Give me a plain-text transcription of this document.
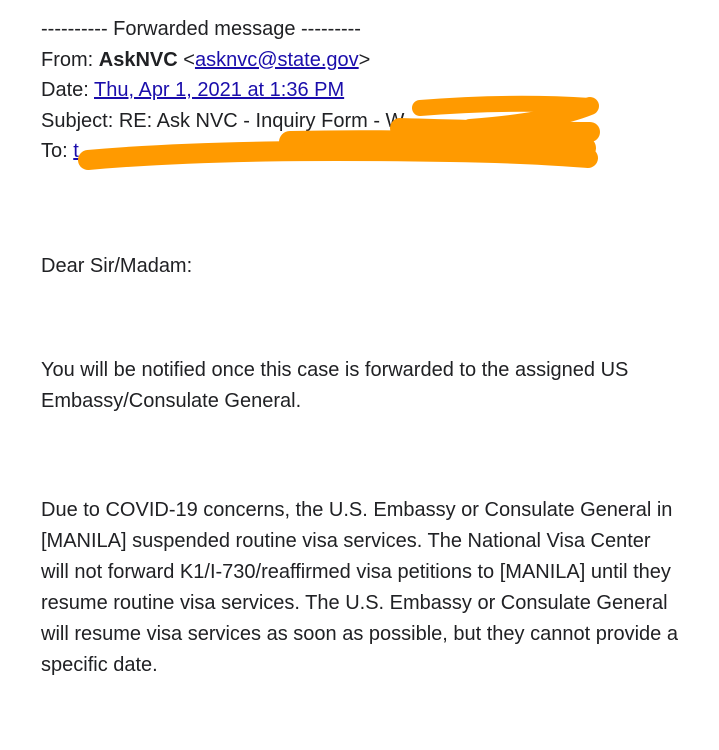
---------- Forwarded message ---------
From: AskNVC <asknvc@state.gov>
Date: Thu, Apr 1, 2021 at 1:36 PM
Subject: RE: Ask NVC - Inquiry Form - W
To: t

Dear Sir/Madam:

You will be notified once this case is forwarded to the assigned US Embassy/Consulate General.

Due to COVID-19 concerns, the U.S. Embassy or Consulate General in [MANILA] suspended routine visa services. The National Visa Center will not forward K1/I-730/reaffirmed visa petitions to [MANILA] until they resume routine visa services. The U.S. Embassy or Consulate General will resume visa services as soon as possible, but they cannot provide a specific date.
